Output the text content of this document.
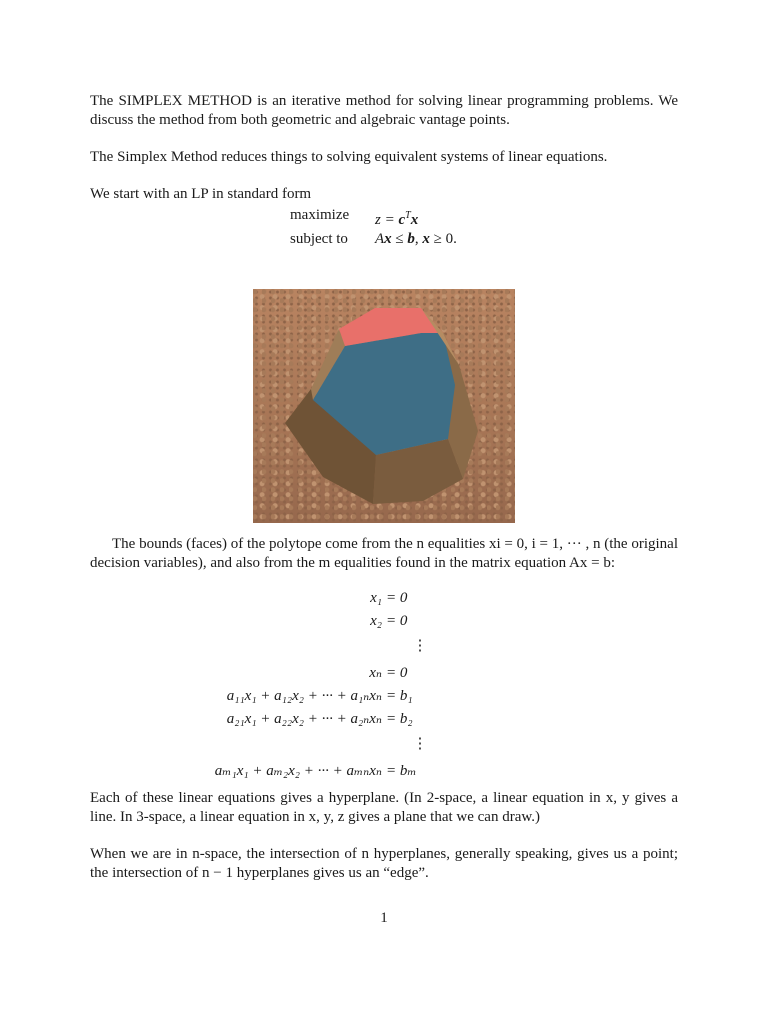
The SIMPLEX METHOD is an iterative method for solving linear programming problems. We discuss the method from both geometric and algebraic vantage points.

The Simplex Method reduces things to solving equivalent systems of linear equations.

We start with an LP in standard form

maximize	$z = c^Tx$
subject to	Ax ≤ b, x ≥ 0.

The bounds (faces) of the polytope come from the n equalities xi = 0, i = 1, ··· , n (the original decision variables), and also from the m equalities found in the matrix equation Ax = b:

x₁ = 0
x₂ = 0
⋮
xₙ = 0
a₁₁x₁ + a₁₂x₂ + ··· + a₁ₙxₙ = b₁
a₂₁x₁ + a₂₂x₂ + ··· + a₂ₙxₙ = b₂
⋮
aₘ₁x₁ + aₘ₂x₂ + ··· + aₘₙxₙ = bₘ

Each of these linear equations gives a hyperplane. (In 2-space, a linear equation in x, y gives a line. In 3-space, a linear equation in x, y, z gives a plane that we can draw.)

When we are in n-space, the intersection of n hyperplanes, generally speaking, gives us a point; the intersection of n − 1 hyperplanes gives us an “edge”.

1
